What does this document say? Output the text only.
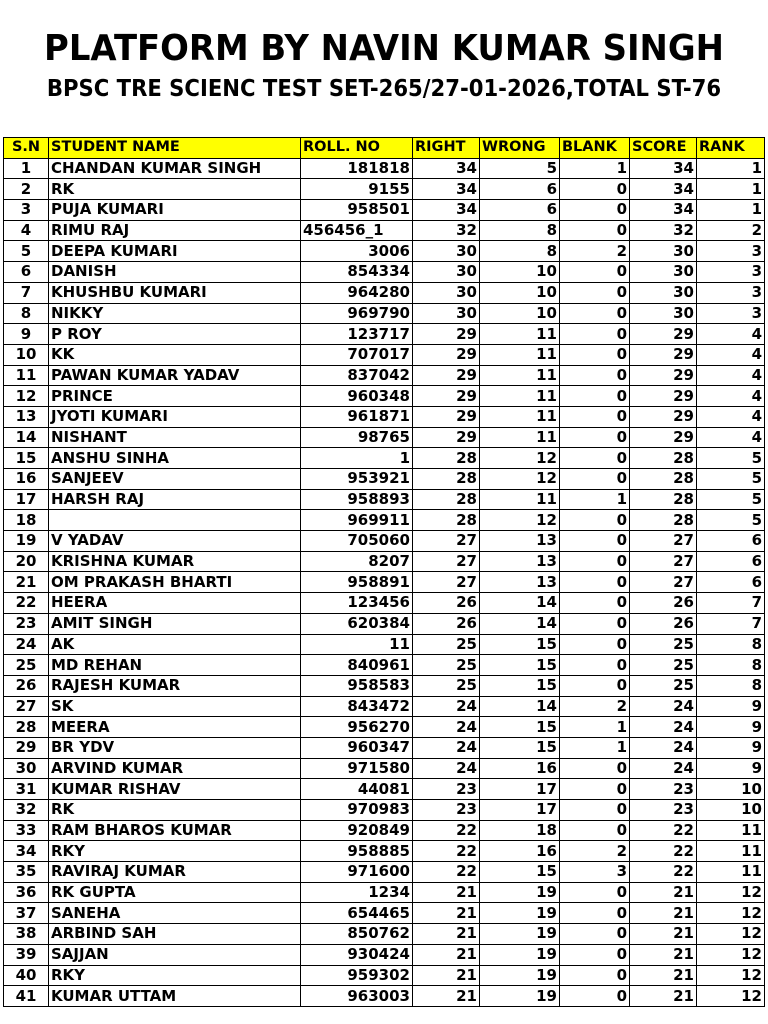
PLATFORM BY NAVIN KUMAR SINGH
BPSC TRE SCIENC TEST SET-265/27-01-2026,TOTAL ST-76
S.N	STUDENT NAME	ROLL. NO	RIGHT	WRONG	BLANK	SCORE	RANK
1	CHANDAN KUMAR SINGH	181818	34	5	1	34	1
2	RK	9155	34	6	0	34	1
3	PUJA KUMARI	958501	34	6	0	34	1
4	RIMU RAJ	456456_1	32	8	0	32	2
5	DEEPA KUMARI	3006	30	8	2	30	3
6	DANISH	854334	30	10	0	30	3
7	KHUSHBU KUMARI	964280	30	10	0	30	3
8	NIKKY	969790	30	10	0	30	3
9	P ROY	123717	29	11	0	29	4
10	KK	707017	29	11	0	29	4
11	PAWAN KUMAR YADAV	837042	29	11	0	29	4
12	PRINCE	960348	29	11	0	29	4
13	JYOTI KUMARI	961871	29	11	0	29	4
14	NISHANT	98765	29	11	0	29	4
15	ANSHU SINHA	1	28	12	0	28	5
16	SANJEEV	953921	28	12	0	28	5
17	HARSH RAJ	958893	28	11	1	28	5
18		969911	28	12	0	28	5
19	V YADAV	705060	27	13	0	27	6
20	KRISHNA KUMAR	8207	27	13	0	27	6
21	OM PRAKASH BHARTI	958891	27	13	0	27	6
22	HEERA	123456	26	14	0	26	7
23	AMIT SINGH	620384	26	14	0	26	7
24	AK	11	25	15	0	25	8
25	MD REHAN	840961	25	15	0	25	8
26	RAJESH KUMAR	958583	25	15	0	25	8
27	SK	843472	24	14	2	24	9
28	MEERA	956270	24	15	1	24	9
29	BR YDV	960347	24	15	1	24	9
30	ARVIND KUMAR	971580	24	16	0	24	9
31	KUMAR RISHAV	44081	23	17	0	23	10
32	RK	970983	23	17	0	23	10
33	RAM BHAROS KUMAR	920849	22	18	0	22	11
34	RKY	958885	22	16	2	22	11
35	RAVIRAJ KUMAR	971600	22	15	3	22	11
36	RK GUPTA	1234	21	19	0	21	12
37	SANEHA	654465	21	19	0	21	12
38	ARBIND SAH	850762	21	19	0	21	12
39	SAJJAN	930424	21	19	0	21	12
40	RKY	959302	21	19	0	21	12
41	KUMAR UTTAM	963003	21	19	0	21	12
